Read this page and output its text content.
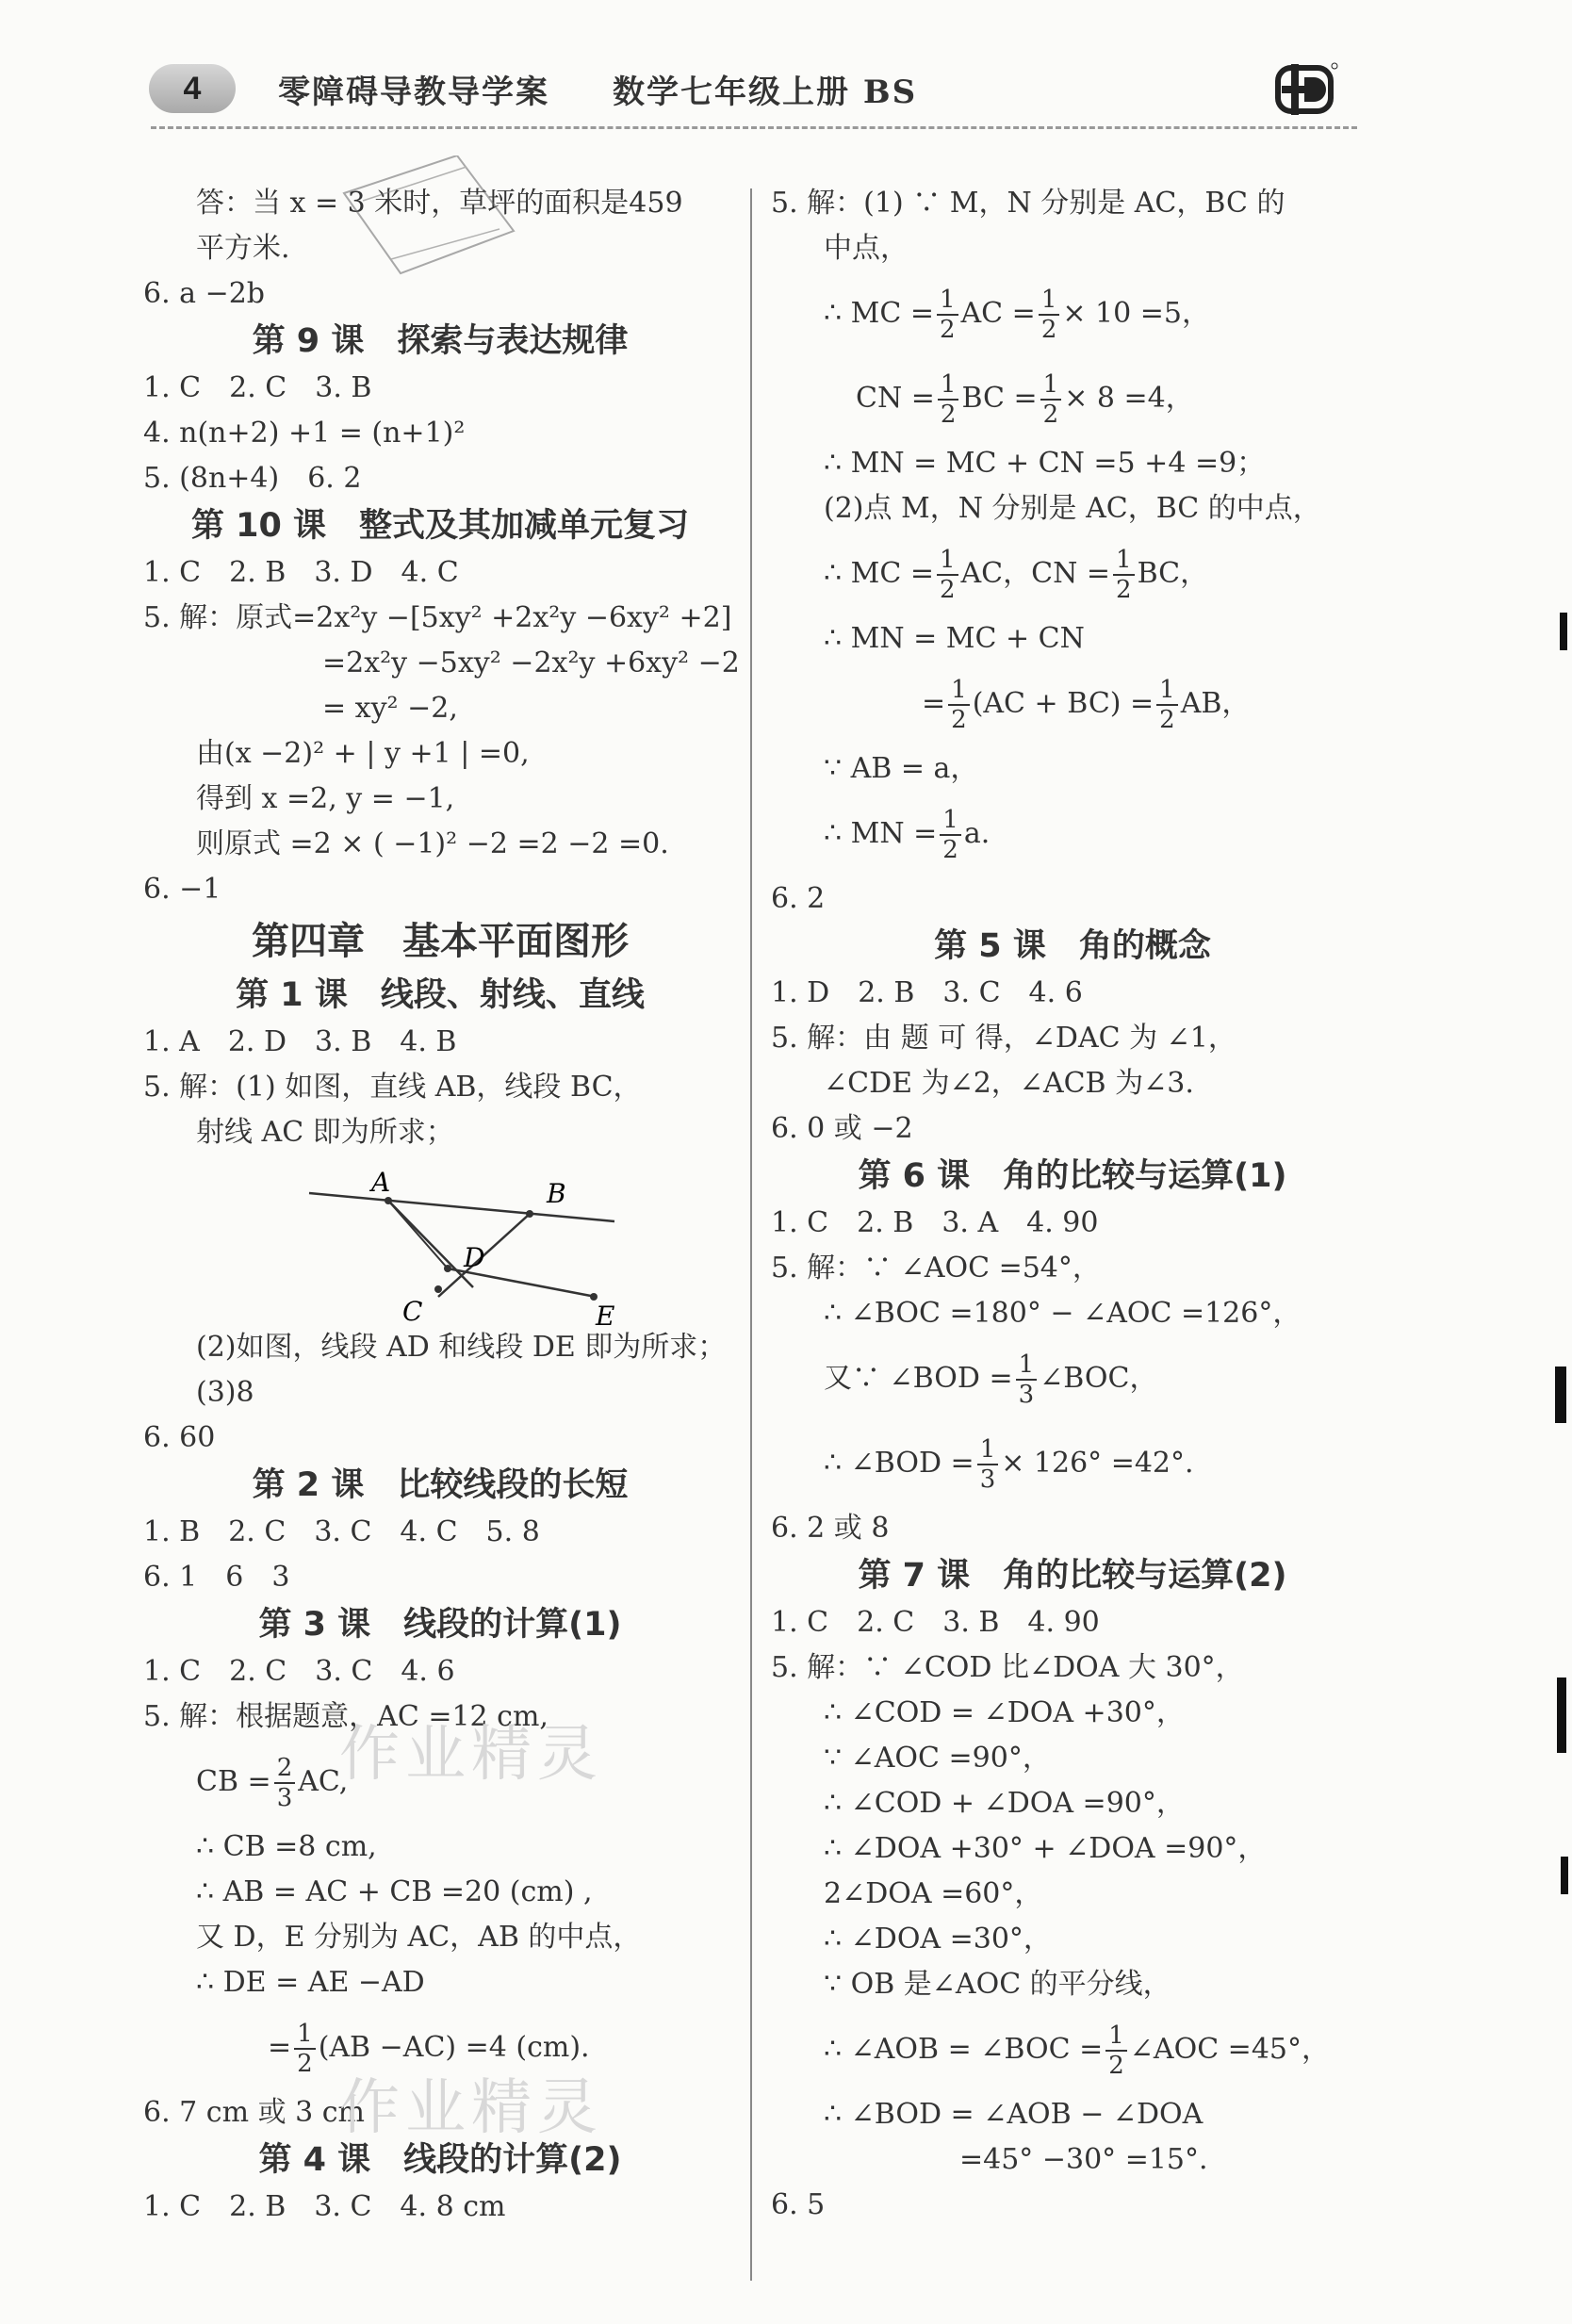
4	零障碍导教导学案 数学七年级上册 BS
答：当 x = 3 米时，草坪的面积是459
平方米.
6. a −2b
第 9 课　探索与表达规律
1. C　2. C　3. B
4. n(n+2) +1 = (n+1)²
5. (8n+4)　6. 2
第 10 课　整式及其加减单元复习
1. C　2. B　3. D　4. C
5. 解：原式=2x²y −[5xy² +2x²y −6xy² +2]
=2x²y −5xy² −2x²y +6xy² −2
= xy² −2,
由(x −2)² + | y +1 | =0,
得到 x =2, y = −1,
则原式 =2 × ( −1)² −2 =2 −2 =0.
6. −1
第四章　基本平面图形
第 1 课　线段、射线、直线
1. A　2. D　3. B　4. B
5. 解：(1) 如图，直线 AB，线段 BC，
射线 AC 即为所求；
A	B
C
D
E
(2)如图，线段 AD 和线段 DE 即为所求；
(3)8
6. 60
第 2 课　比较线段的长短
1. B　2. C　3. C　4. C　5. 8
6. 1　6　3
第 3 课　线段的计算(1)
1. C　2. C　3. C　4. 6
5. 解：根据题意，AC =12 cm,
CB = $\frac{2}{3}$ AC,
∴ CB =8 cm,
∴ AB = AC + CB =20 (cm) ,
又 D，E 分别为 AC，AB 的中点，
∴ DE = AE −AD
= $\frac{1}{2} (AB -AC) =4$ (cm).
6. 7 cm 或 3 cm
第 4 课　线段的计算(2)
1. C　2. B　3. C　4. 8 cm
5. 解：(1) ∵ M，N 分别是 AC，BC 的
中点，
∴ MC = $\frac{1}{2}$ AC = $\frac{1}{2} \times 10 =5$，
CN = $\frac{1}{2}$ BC = $\frac{1}{2} \times 8 =4$，
∴ MN = MC + CN =5 +4 =9；
(2)点 M，N 分别是 AC，BC 的中点，
∴ MC = $\frac{1}{2}$ AC，CN = $\frac{1}{2}$ BC，
∴ MN = MC + CN
= $\frac{1}{2} (AC + BC) = \frac{1}{2}$ AB，
∵ AB = a，
∴ MN = $\frac{1}{2} a$.
6. 2
第 5 课　角的概念
1. D　2. B　3. C　4. 6
5. 解：由 题 可 得，∠DAC 为 ∠1，
∠CDE 为∠2，∠ACB 为∠3.
6. 0 或 −2
第 6 课　角的比较与运算(1)
1. C　2. B　3. A　4. 90
5. 解：∵ ∠AOC =54°，
∴ ∠BOC =180° − ∠AOC =126°，
又∵ ∠BOD = $\frac{1}{3}$ ∠BOC，
∴ ∠BOD = $\frac{1}{3} \times 126^\circ =42^\circ$.
6. 2 或 8
第 7 课　角的比较与运算(2)
1. C　2. C　3. B　4. 90
5. 解：∵ ∠COD 比∠DOA 大 30°，
∴ ∠COD = ∠DOA +30°，
∵ ∠AOC =90°，
∴ ∠COD + ∠DOA =90°，
∴ ∠DOA +30° + ∠DOA =90°，
2∠DOA =60°，
∴ ∠DOA =30°，
∵ OB 是∠AOC 的平分线，
∴ ∠AOB = ∠BOC = $\frac{1}{2}$ ∠AOC =45°，
∴ ∠BOD = ∠AOB − ∠DOA
=45° −30° =15°.
6. 5
作业精灵
作业精灵
